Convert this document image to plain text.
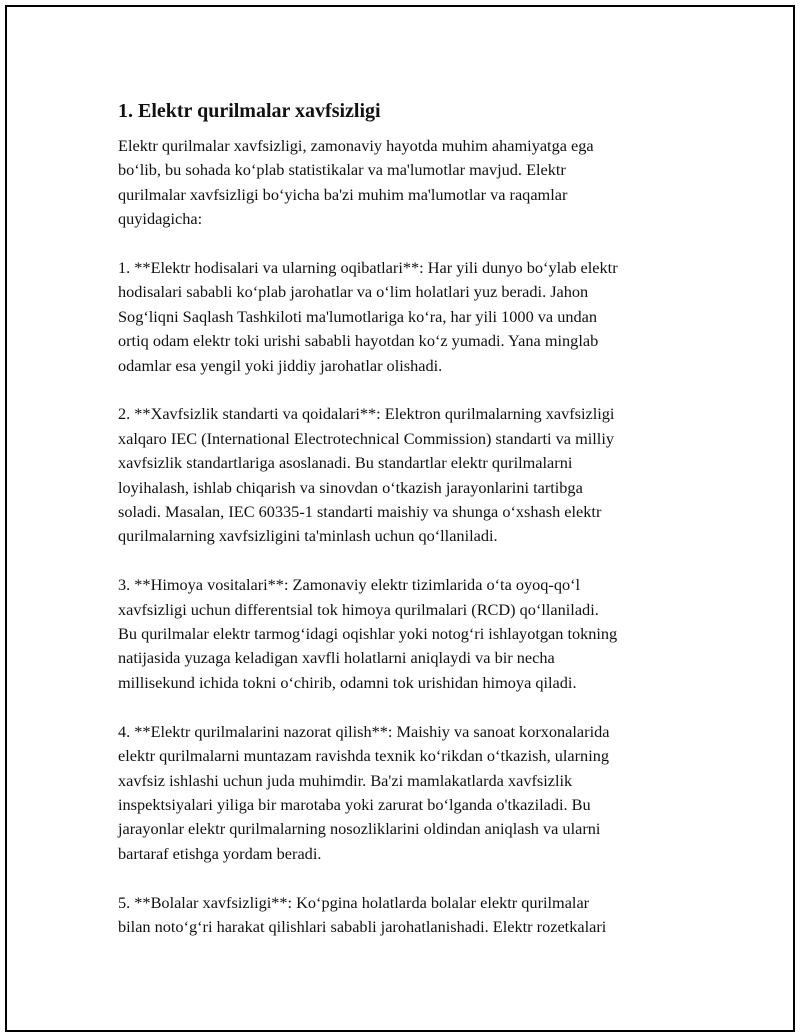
1. Elektr qurilmalar xavfsizligi

Elektr qurilmalar xavfsizligi, zamonaviy hayotda muhim ahamiyatga ega
bo‘lib, bu sohada ko‘plab statistikalar va ma'lumotlar mavjud. Elektr
qurilmalar xavfsizligi bo‘yicha ba'zi muhim ma'lumotlar va raqamlar
quyidagicha:

1. **Elektr hodisalari va ularning oqibatlari**: Har yili dunyo bo‘ylab elektr
hodisalari sababli ko‘plab jarohatlar va o‘lim holatlari yuz beradi. Jahon
Sog‘liqni Saqlash Tashkiloti ma'lumotlariga ko‘ra, har yili 1000 va undan
ortiq odam elektr toki urishi sababli hayotdan ko‘z yumadi. Yana minglab
odamlar esa yengil yoki jiddiy jarohatlar olishadi.

2. **Xavfsizlik standarti va qoidalari**: Elektron qurilmalarning xavfsizligi
xalqaro IEC (International Electrotechnical Commission) standarti va milliy
xavfsizlik standartlariga asoslanadi. Bu standartlar elektr qurilmalarni
loyihalash, ishlab chiqarish va sinovdan o‘tkazish jarayonlarini tartibga
soladi. Masalan, IEC 60335-1 standarti maishiy va shunga o‘xshash elektr
qurilmalarning xavfsizligini ta'minlash uchun qo‘llaniladi.

3. **Himoya vositalari**: Zamonaviy elektr tizimlarida o‘ta oyoq-qo‘l
xavfsizligi uchun differentsial tok himoya qurilmalari (RCD) qo‘llaniladi.
Bu qurilmalar elektr tarmog‘idagi oqishlar yoki notog‘ri ishlayotgan tokning
natijasida yuzaga keladigan xavfli holatlarni aniqlaydi va bir necha
millisekund ichida tokni o‘chirib, odamni tok urishidan himoya qiladi.

4. **Elektr qurilmalarini nazorat qilish**: Maishiy va sanoat korxonalarida
elektr qurilmalarni muntazam ravishda texnik ko‘rikdan o‘tkazish, ularning
xavfsiz ishlashi uchun juda muhimdir. Ba'zi mamlakatlarda xavfsizlik
inspektsiyalari yiliga bir marotaba yoki zarurat bo‘lganda o'tkaziladi. Bu
jarayonlar elektr qurilmalarning nosozliklarini oldindan aniqlash va ularni
bartaraf etishga yordam beradi.

5. **Bolalar xavfsizligi**: Ko‘pgina holatlarda bolalar elektr qurilmalar
bilan noto‘g‘ri harakat qilishlari sababli jarohatlanishadi. Elektr rozetkalari
